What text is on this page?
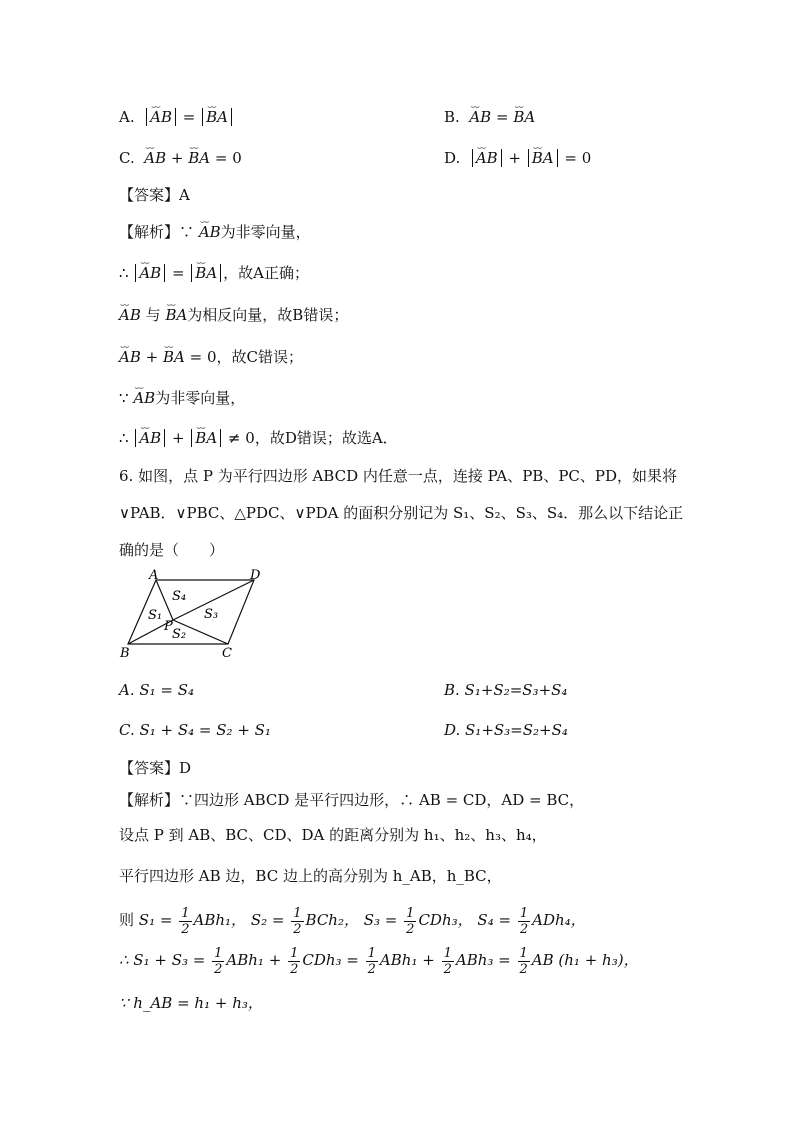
A. ⌣⌣ AB = ⌣⌣ BA	B. ⌣⌣ AB = ⌣⌣ BA
C. ⌣⌣ AB + ⌣⌣ BA = 0	D. ⌣⌣ AB + ⌣⌣ BA = 0
【答案】A
【解析】∵ ⌣⌣ AB为非零向量，
∴ ⌣⌣ AB = ⌣⌣ BA ，故A正确；
⌣⌣ AB 与 ⌣⌣ BA为相反向量，故B错误；
⌣⌣ AB + ⌣⌣ BA = 0，故C错误；
∵ ⌣⌣ AB为非零向量，
∴ ⌣⌣ AB + ⌣⌣ BA ≠ 0，故D错误；故选A．
6. 如图，点 P 为平行四边形 ABCD 内任意一点，连接 PA、PB、PC、PD，如果将
∨PAB．∨PBC、△PDC、∨PDA 的面积分别记为 S₁、S₂、S₃、S₄．那么以下结论正
确的是（　　）
A	D
B	C
P
S₄
S₁	S₃
S₂
A. S₁ = S₄	B. S₁+S₂=S₃+S₄
C. S₁ + S₄ = S₂ + S₁	D. S₁+S₃=S₂+S₄
【答案】D
【解析】∵四边形 ABCD 是平行四边形，∴ AB = CD，AD = BC，
设点 P 到 AB、BC、CD、DA 的距离分别为 h₁、h₂、h₃、h₄，
平行四边形 AB 边，BC 边上的高分别为 h_AB，h_BC，
则 $S_1 = \frac{1}{2} ABh_1$， $S_2 = \frac{1}{2} BCh_2$， $S_3 = \frac{1}{2} CDh_3$， $S_4 = \frac{1}{2} ADh_4$，
∴ $S_1 + S_3 = \frac{1}{2} ABh_1 + \frac{1}{2} CDh_3 = \frac{1}{2} ABh_1 + \frac{1}{2} ABh_3 = \frac{1}{2}$ AB (h₁ + h₃)，
∵ h_AB = h₁ + h₃，
